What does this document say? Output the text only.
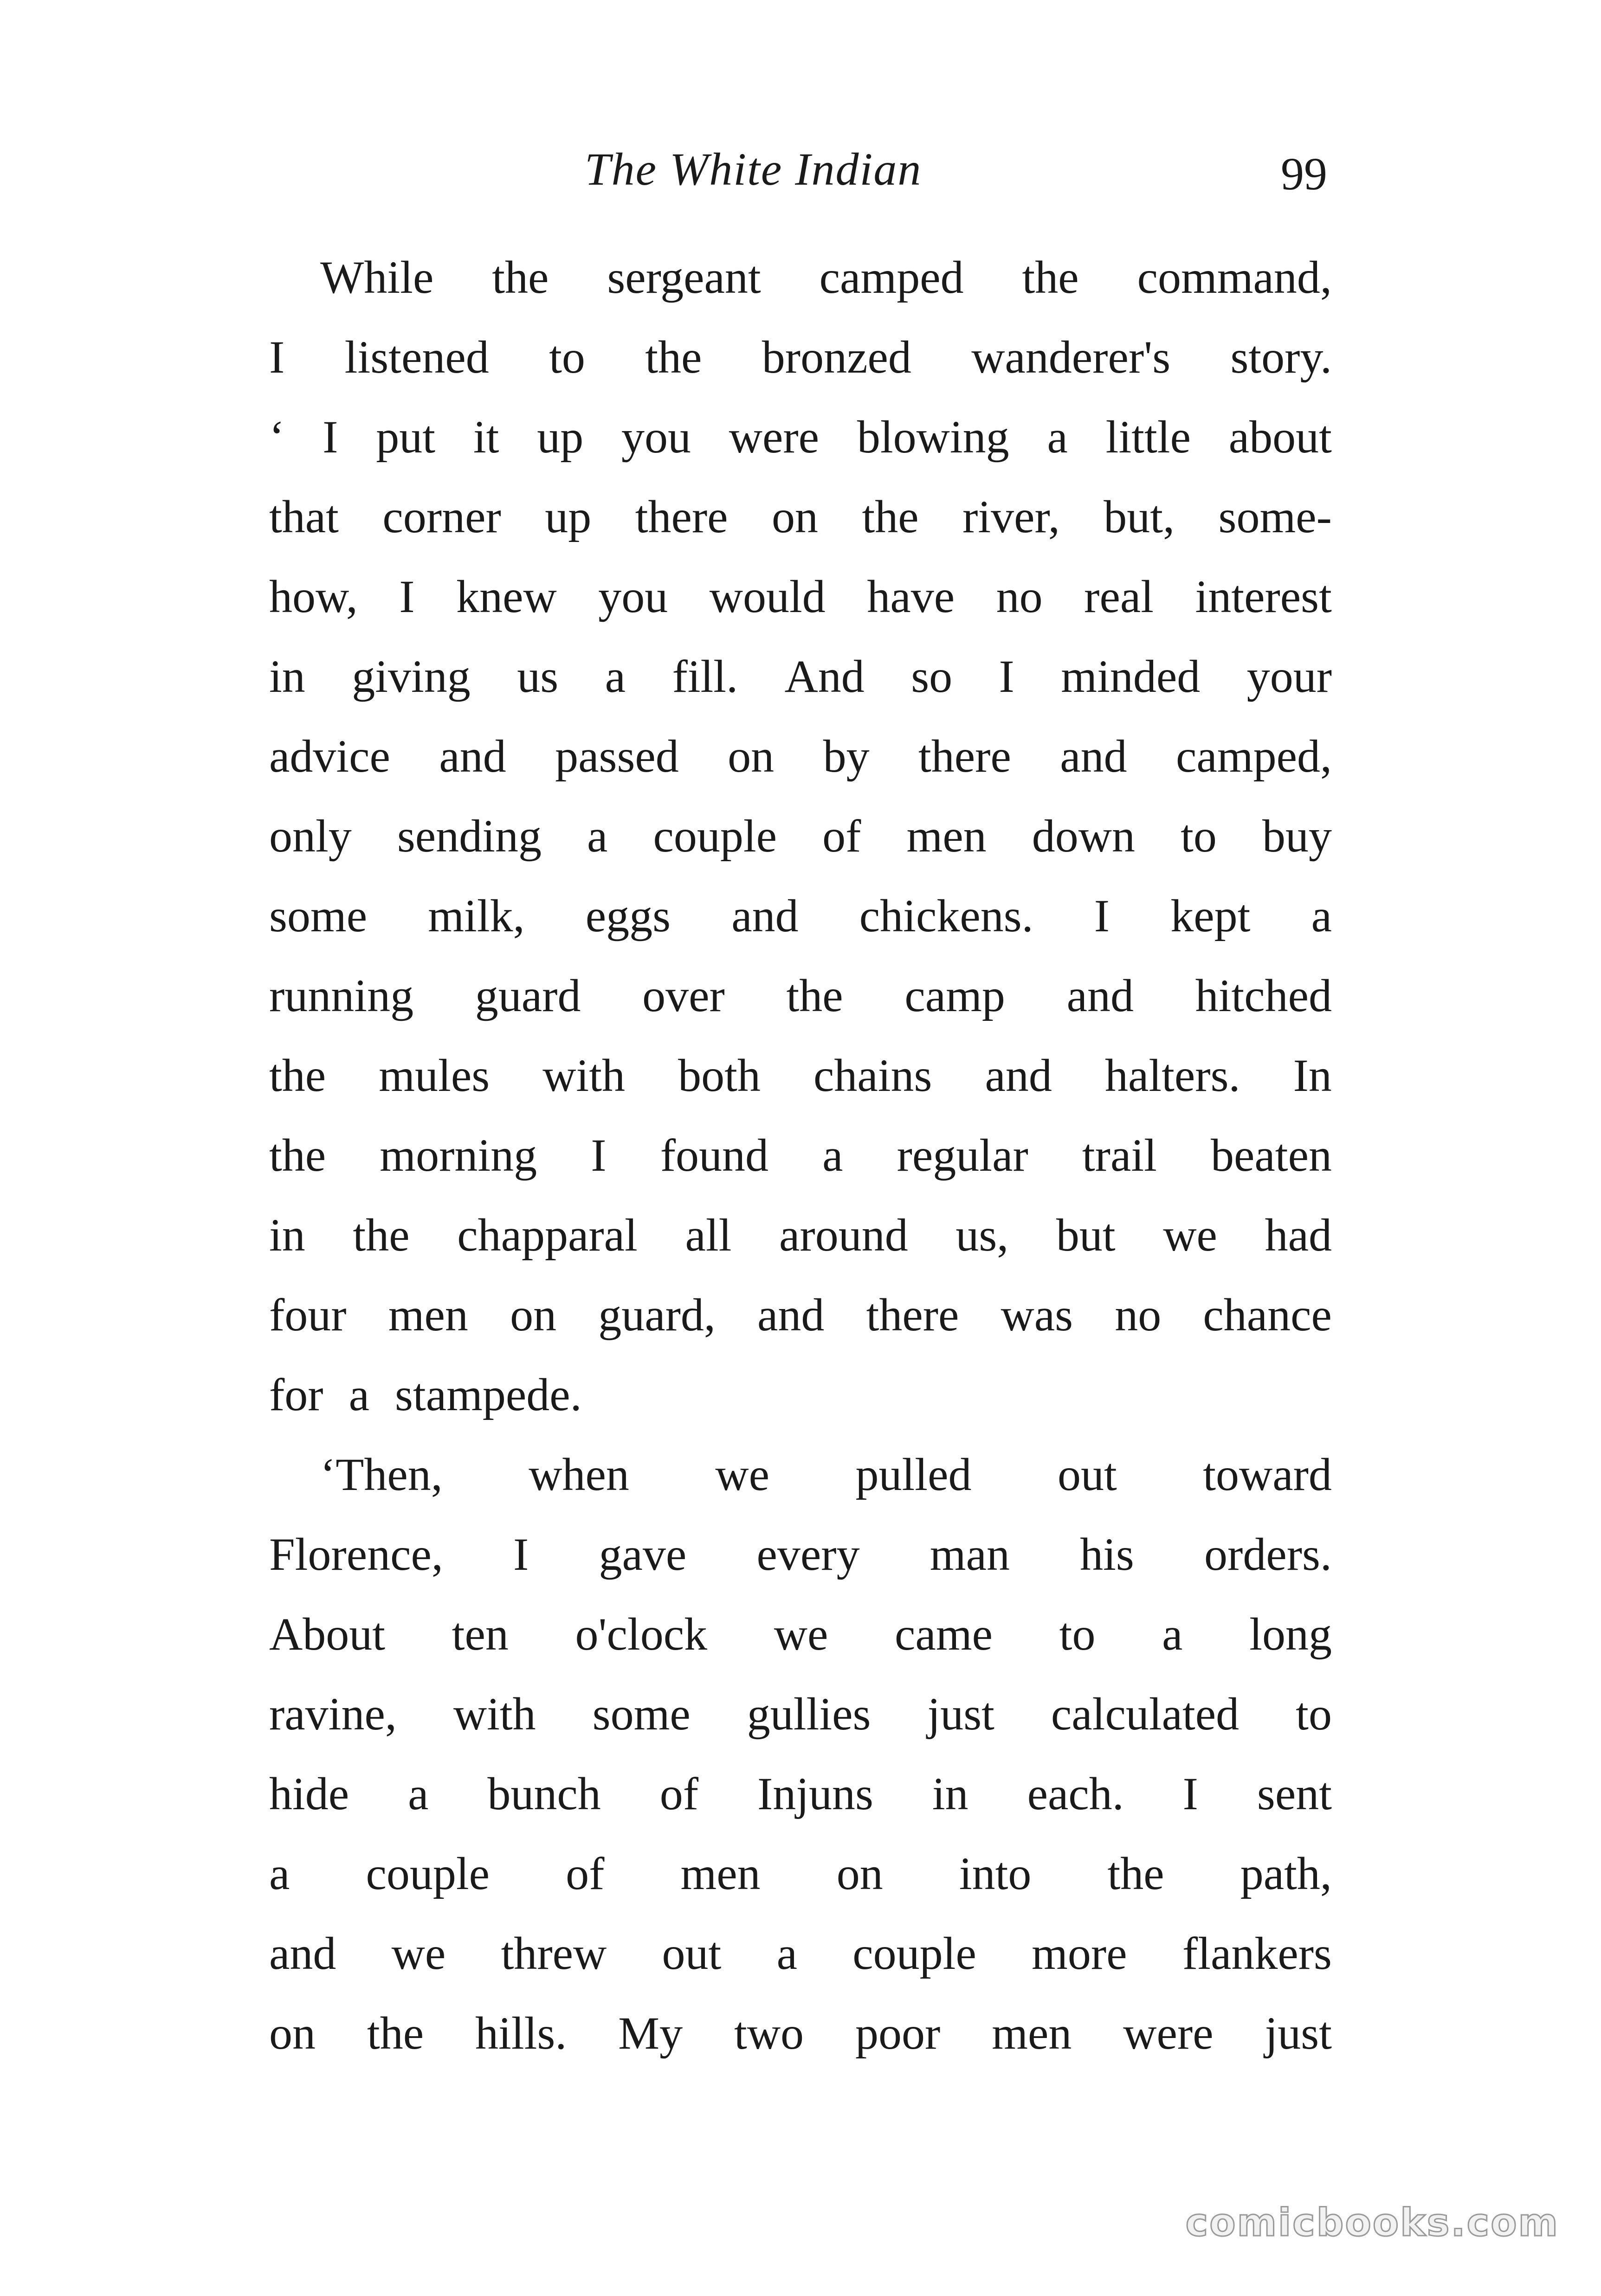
The White Indian	99
While the sergeant camped the command,
I listened to the bronzed wanderer's story.
‘ I put it up you were blowing a little about
that corner up there on the river, but, some-
how, I knew you would have no real interest
in giving us a fill. And so I minded your
advice and passed on by there and camped,
only sending a couple of men down to buy
some milk, eggs and chickens. I kept a
running guard over the camp and hitched
the mules with both chains and halters. In
the morning I found a regular trail beaten
in the chapparal all around us, but we had
four men on guard, and there was no chance
for a stampede.
‘Then, when we pulled out toward
Florence, I gave every man his orders.
About ten o'clock we came to a long
ravine, with some gullies just calculated to
hide a bunch of Injuns in each. I sent
a couple of men on into the path,
and we threw out a couple more flankers
on the hills. My two poor men were just
comicbooks.com
